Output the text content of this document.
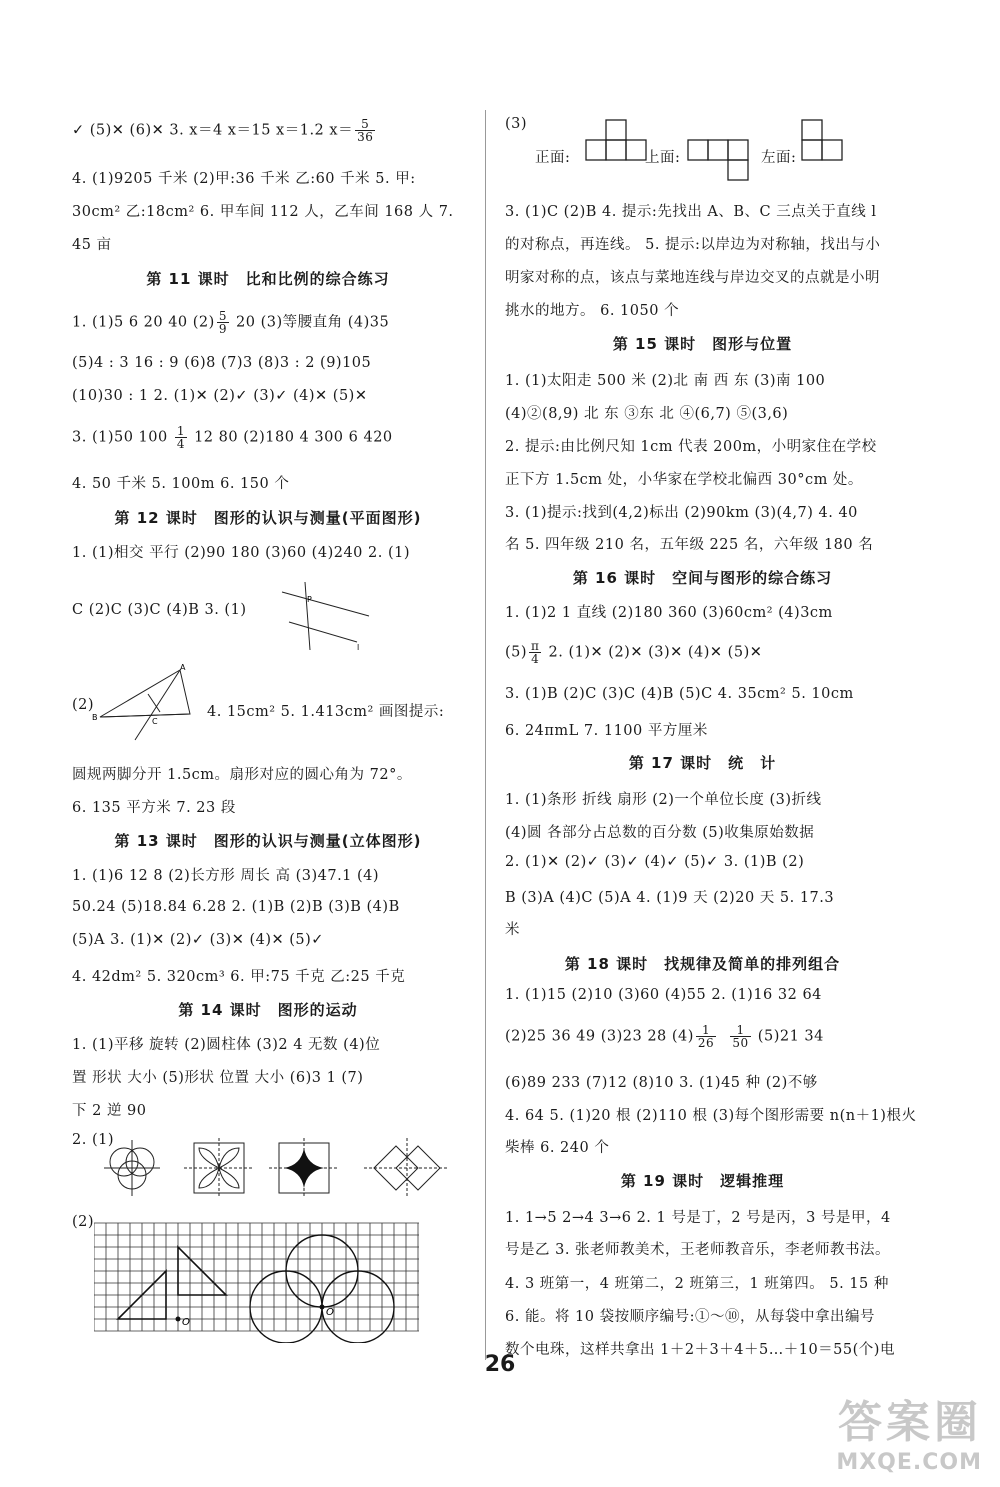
✓ (5)✕ (6)✕ 3. x＝4 x＝15 x＝1.2 $x= \frac{5}{36}$
4. (1)9205 千米 (2)甲:36 千米 乙:60 千米 5. 甲:
30cm² 乙:18cm² 6. 甲车间 112 人，乙车间 168 人 7.
45 亩
第 11 课时　比和比例的综合练习
1. (1)5 6 20 40 $(2) \frac{5}{9} 20$ (3)等腰直角 (4)35
(5)4 : 3 16 : 9 (6)8 (7)3 (8)3 : 2 (9)105
(10)30 : 1 2. (1)✕ (2)✓ (3)✓ (4)✕ (5)✕
3. (1)50 $100 \frac{1}{4} 12$ 80 (2)180 4 300 6 420
4. 50 千米 5. 100m 6. 150 个
第 12 课时　图形的认识与测量(平面图形)
1. (1)相交 平行 (2)90 180 (3)60 (4)240 2. (1)
C (2)C (3)C (4)B 3. (1)
P
l
(2)
A
B	C
4. 15cm² 5. 1.413cm² 画图提示:
圆规两脚分开 1.5cm。扇形对应的圆心角为 72°。
6. 135 平方米 7. 23 段
第 13 课时　图形的认识与测量(立体图形)
1. (1)6 12 8 (2)长方形 周长 高 (3)47.1 (4)
50.24 (5)18.84 6.28 2. (1)B (2)B (3)B (4)B
(5)A 3. (1)✕ (2)✓ (3)✕ (4)✕ (5)✓
4. 42dm² 5. 320cm³ 6. 甲:75 千克 乙:25 千克
第 14 课时　图形的运动
1. (1)平移 旋转 (2)圆柱体 (3)2 4 无数 (4)位
置 形状 大小 (5)形状 位置 大小 (6)3 1 (7)
下 2 逆 90
2. (1)
(2)
O
O
(3)
正面:	上面:	左面:
3. (1)C (2)B 4. 提示:先找出 A、B、C 三点关于直线 l
的对称点，再连线。 5. 提示:以岸边为对称轴，找出与小
明家对称的点，该点与菜地连线与岸边交叉的点就是小明
挑水的地方。 6. 1050 个
第 15 课时　图形与位置
1. (1)太阳走 500 米 (2)北 南 西 东 (3)南 100
(4)②(8,9) 北 东 ③东 北 ④(6,7) ⑤(3,6)
2. 提示:由比例尺知 1cm 代表 200m，小明家住在学校
正下方 1.5cm 处，小华家在学校北偏西 30°cm 处。
3. (1)提示:找到(4,2)标出 (2)90km (3)(4,7) 4. 40
名 5. 四年级 210 名，五年级 225 名，六年级 180 名
第 16 课时　空间与图形的综合练习
1. (1)2 1 直线 (2)180 360 (3)60cm² (4)3cm
$(5) \frac{\pi}{4} 2$. (1)✕ (2)✕ (3)✕ (4)✕ (5)✕
3. (1)B (2)C (3)C (4)B (5)C 4. 35cm² 5. 10cm
6. 24πmL 7. 1100 平方厘米
第 17 课时　统　计
1. (1)条形 折线 扇形 (2)一个单位长度 (3)折线
(4)圆 各部分占总数的百分数 (5)收集原始数据
2. (1)✕ (2)✓ (3)✓ (4)✓ (5)✓ 3. (1)B (2)
B (3)A (4)C (5)A 4. (1)9 天 (2)20 天 5. 17.3
米
第 18 课时　找规律及简单的排列组合
1. (1)15 (2)10 (3)60 (4)55 2. (1)16 32 64
(2)25 36 49 (3)23 28 $(4) \frac{1}{26}$
$\frac{1}{50} (5)21$ 34
(6)89 233 (7)12 (8)10 3. (1)45 种 (2)不够
4. 64 5. (1)20 根 (2)110 根 (3)每个图形需要 n(n＋1)根火
柴棒 6. 240 个
第 19 课时　逻辑推理
1. 1→5 2→4 3→6 2. 1 号是丁，2 号是丙，3 号是甲，4
号是乙 3. 张老师教美术，王老师教音乐，李老师教书法。
4. 3 班第一，4 班第二，2 班第三，1 班第四。 5. 15 种
6. 能。将 10 袋按顺序编号:①～⑩，从每袋中拿出编号
数个电珠，这样共拿出 1＋2＋3＋4＋5…＋10＝55(个)电
26
答案圈
MXQE.COM
